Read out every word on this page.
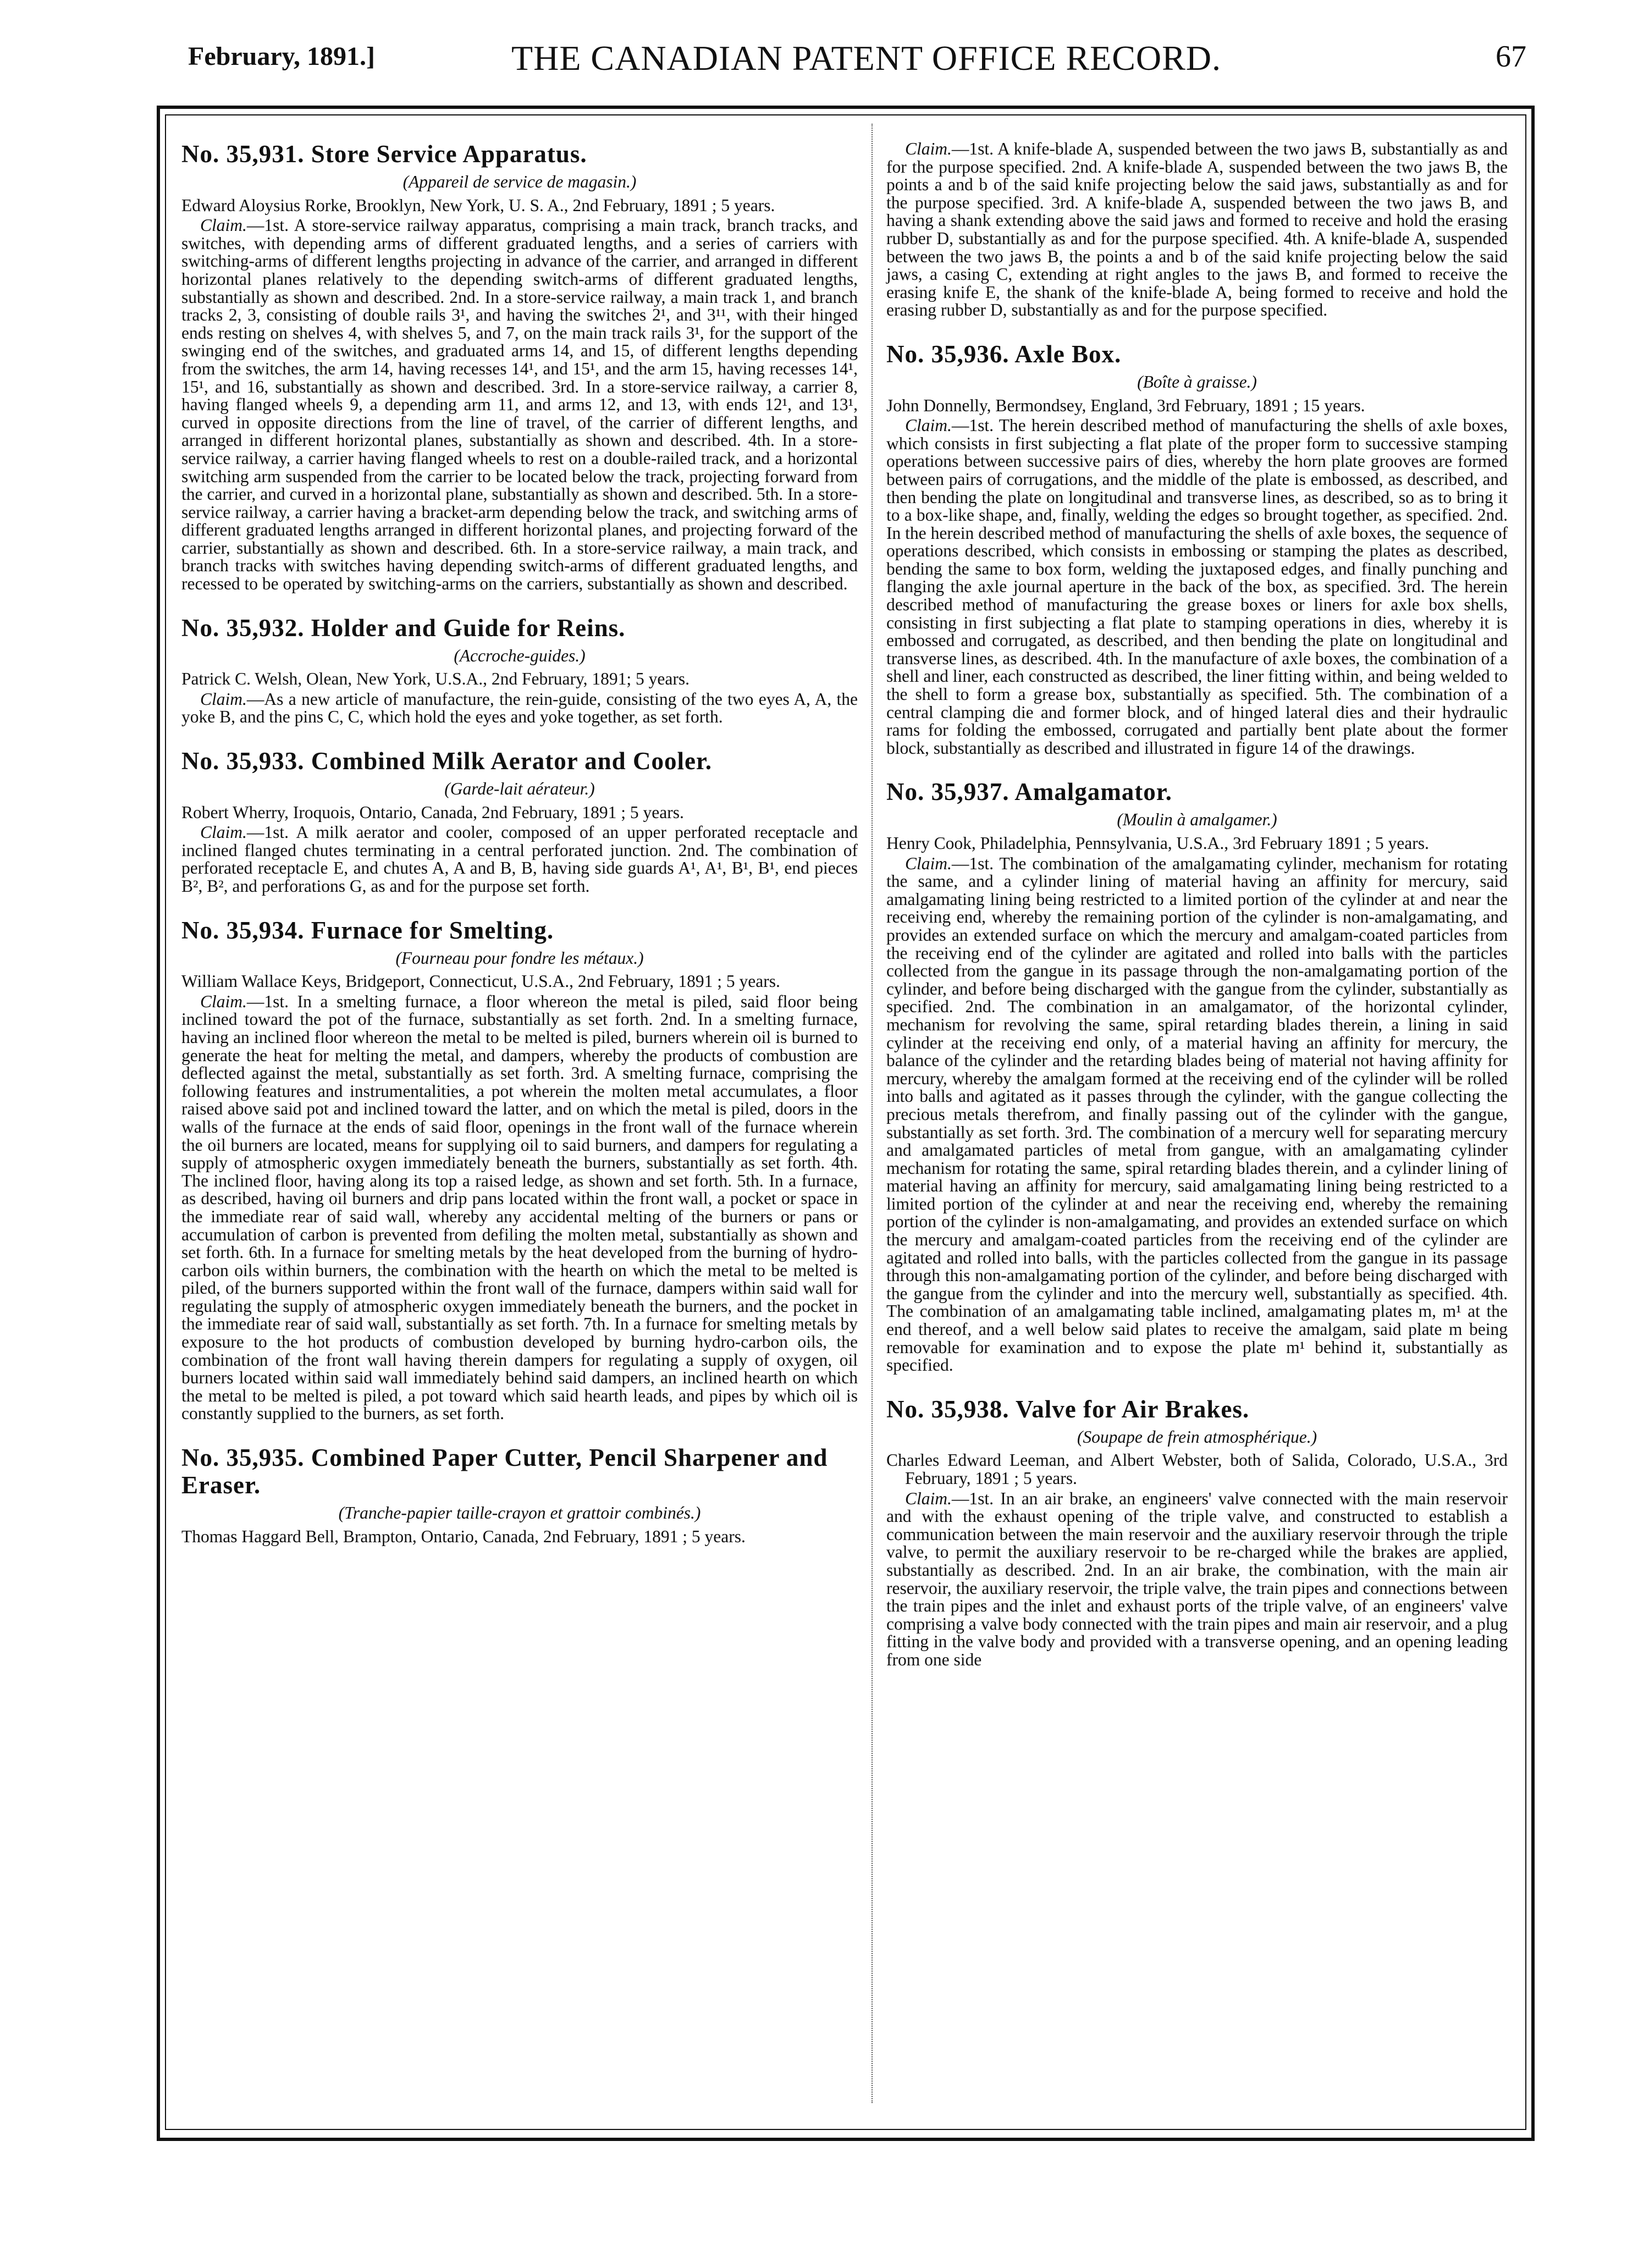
February, 1891.]	THE CANADIAN PATENT OFFICE RECORD.	67
No. 35,931. Store Service Apparatus.
(Appareil de service de magasin.)

Edward Aloysius Rorke, Brooklyn, New York, U. S. A., 2nd February, 1891 ; 5 years.

Claim.—1st. A store-service railway apparatus, comprising a main track, branch tracks, and switches, with depending arms of different graduated lengths, and a series of carriers with switching-arms of different lengths projecting in advance of the carrier, and arranged in different horizontal planes relatively to the depending switch-arms of different graduated lengths, substantially as shown and described. 2nd. In a store-service railway, a main track 1, and branch tracks 2, 3, consisting of double rails 3¹, and having the switches 2¹, and 3¹¹, with their hinged ends resting on shelves 4, with shelves 5, and 7, on the main track rails 3¹, for the support of the swinging end of the switches, and graduated arms 14, and 15, of different lengths depending from the switches, the arm 14, having recesses 14¹, and 15¹, and the arm 15, having recesses 14¹, 15¹, and 16, substantially as shown and described. 3rd. In a store-service railway, a carrier 8, having flanged wheels 9, a depending arm 11, and arms 12, and 13, with ends 12¹, and 13¹, curved in opposite directions from the line of travel, of the carrier of different lengths, and arranged in different horizontal planes, substantially as shown and described. 4th. In a store-service railway, a carrier having flanged wheels to rest on a double-railed track, and a horizontal switching arm suspended from the carrier to be located below the track, projecting forward from the carrier, and curved in a horizontal plane, substantially as shown and described. 5th. In a store-service railway, a carrier having a bracket-arm depending below the track, and switching arms of different graduated lengths arranged in different horizontal planes, and projecting forward of the carrier, substantially as shown and described. 6th. In a store-service railway, a main track, and branch tracks with switches having depending switch-arms of different graduated lengths, and recessed to be operated by switching-arms on the carriers, substantially as shown and described.

No. 35,932. Holder and Guide for Reins.
(Accroche-guides.)

Patrick C. Welsh, Olean, New York, U.S.A., 2nd February, 1891; 5 years.

Claim.—As a new article of manufacture, the rein-guide, consisting of the two eyes A, A, the yoke B, and the pins C, C, which hold the eyes and yoke together, as set forth.

No. 35,933. Combined Milk Aerator and Cooler.
(Garde-lait aérateur.)

Robert Wherry, Iroquois, Ontario, Canada, 2nd February, 1891 ; 5 years.

Claim.—1st. A milk aerator and cooler, composed of an upper perforated receptacle and inclined flanged chutes terminating in a central perforated junction. 2nd. The combination of perforated receptacle E, and chutes A, A and B, B, having side guards A¹, A¹, B¹, B¹, end pieces B², B², and perforations G, as and for the purpose set forth.

No. 35,934. Furnace for Smelting.
(Fourneau pour fondre les métaux.)

William Wallace Keys, Bridgeport, Connecticut, U.S.A., 2nd February, 1891 ; 5 years.

Claim.—1st. In a smelting furnace, a floor whereon the metal is piled, said floor being inclined toward the pot of the furnace, substantially as set forth. 2nd. In a smelting furnace, having an inclined floor whereon the metal to be melted is piled, burners wherein oil is burned to generate the heat for melting the metal, and dampers, whereby the products of combustion are deflected against the metal, substantially as set forth. 3rd. A smelting furnace, comprising the following features and instrumentalities, a pot wherein the molten metal accumulates, a floor raised above said pot and inclined toward the latter, and on which the metal is piled, doors in the walls of the furnace at the ends of said floor, openings in the front wall of the furnace wherein the oil burners are located, means for supplying oil to said burners, and dampers for regulating a supply of atmospheric oxygen immediately beneath the burners, substantially as set forth. 4th. The inclined floor, having along its top a raised ledge, as shown and set forth. 5th. In a furnace, as described, having oil burners and drip pans located within the front wall, a pocket or space in the immediate rear of said wall, whereby any accidental melting of the burners or pans or accumulation of carbon is prevented from defiling the molten metal, substantially as shown and set forth. 6th. In a furnace for smelting metals by the heat developed from the burning of hydro-carbon oils within burners, the combination with the hearth on which the metal to be melted is piled, of the burners supported within the front wall of the furnace, dampers within said wall for regulating the supply of atmospheric oxygen immediately beneath the burners, and the pocket in the immediate rear of said wall, substantially as set forth. 7th. In a furnace for smelting metals by exposure to the hot products of combustion developed by burning hydro-carbon oils, the combination of the front wall having therein dampers for regulating a supply of oxygen, oil burners located within said wall immediately behind said dampers, an inclined hearth on which the metal to be melted is piled, a pot toward which said hearth leads, and pipes by which oil is constantly supplied to the burners, as set forth.

No. 35,935. Combined Paper Cutter, Pencil Sharpener and Eraser.
(Tranche-papier taille-crayon et grattoir combinés.)

Thomas Haggard Bell, Brampton, Ontario, Canada, 2nd February, 1891 ; 5 years.

Claim.—1st. A knife-blade A, suspended between the two jaws B, substantially as and for the purpose specified. 2nd. A knife-blade A, suspended between the two jaws B, the points a and b of the said knife projecting below the said jaws, substantially as and for the purpose specified. 3rd. A knife-blade A, suspended between the two jaws B, and having a shank extending above the said jaws and formed to receive and hold the erasing rubber D, substantially as and for the purpose specified. 4th. A knife-blade A, suspended between the two jaws B, the points a and b of the said knife projecting below the said jaws, a casing C, extending at right angles to the jaws B, and formed to receive the erasing knife E, the shank of the knife-blade A, being formed to receive and hold the erasing rubber D, substantially as and for the purpose specified.

No. 35,936. Axle Box.
(Boîte à graisse.)

John Donnelly, Bermondsey, England, 3rd February, 1891 ; 15 years.

Claim.—1st. The herein described method of manufacturing the shells of axle boxes, which consists in first subjecting a flat plate of the proper form to successive stamping operations between successive pairs of dies, whereby the horn plate grooves are formed between pairs of corrugations, and the middle of the plate is embossed, as described, and then bending the plate on longitudinal and transverse lines, as described, so as to bring it to a box-like shape, and, finally, welding the edges so brought together, as specified. 2nd. In the herein described method of manufacturing the shells of axle boxes, the sequence of operations described, which consists in embossing or stamping the plates as described, bending the same to box form, welding the juxtaposed edges, and finally punching and flanging the axle journal aperture in the back of the box, as specified. 3rd. The herein described method of manufacturing the grease boxes or liners for axle box shells, consisting in first subjecting a flat plate to stamping operations in dies, whereby it is embossed and corrugated, as described, and then bending the plate on longitudinal and transverse lines, as described. 4th. In the manufacture of axle boxes, the combination of a shell and liner, each constructed as described, the liner fitting within, and being welded to the shell to form a grease box, substantially as specified. 5th. The combination of a central clamping die and former block, and of hinged lateral dies and their hydraulic rams for folding the embossed, corrugated and partially bent plate about the former block, substantially as described and illustrated in figure 14 of the drawings.

No. 35,937. Amalgamator.
(Moulin à amalgamer.)

Henry Cook, Philadelphia, Pennsylvania, U.S.A., 3rd February 1891 ; 5 years.

Claim.—1st. The combination of the amalgamating cylinder, mechanism for rotating the same, and a cylinder lining of material having an affinity for mercury, said amalgamating lining being restricted to a limited portion of the cylinder at and near the receiving end, whereby the remaining portion of the cylinder is non-amalgamating, and provides an extended surface on which the mercury and amalgam-coated particles from the receiving end of the cylinder are agitated and rolled into balls with the particles collected from the gangue in its passage through the non-amalgamating portion of the cylinder, and before being discharged with the gangue from the cylinder, substantially as specified. 2nd. The combination in an amalgamator, of the horizontal cylinder, mechanism for revolving the same, spiral retarding blades therein, a lining in said cylinder at the receiving end only, of a material having an affinity for mercury, the balance of the cylinder and the retarding blades being of material not having affinity for mercury, whereby the amalgam formed at the receiving end of the cylinder will be rolled into balls and agitated as it passes through the cylinder, with the gangue collecting the precious metals therefrom, and finally passing out of the cylinder with the gangue, substantially as set forth. 3rd. The combination of a mercury well for separating mercury and amalgamated particles of metal from gangue, with an amalgamating cylinder mechanism for rotating the same, spiral retarding blades therein, and a cylinder lining of material having an affinity for mercury, said amalgamating lining being restricted to a limited portion of the cylinder at and near the receiving end, whereby the remaining portion of the cylinder is non-amalgamating, and provides an extended surface on which the mercury and amalgam-coated particles from the receiving end of the cylinder are agitated and rolled into balls, with the particles collected from the gangue in its passage through this non-amalgamating portion of the cylinder, and before being discharged with the gangue from the cylinder and into the mercury well, substantially as specified. 4th. The combination of an amalgamating table inclined, amalgamating plates m, m¹ at the end thereof, and a well below said plates to receive the amalgam, said plate m being removable for examination and to expose the plate m¹ behind it, substantially as specified.

No. 35,938. Valve for Air Brakes.
(Soupape de frein atmosphérique.)

Charles Edward Leeman, and Albert Webster, both of Salida, Colorado, U.S.A., 3rd February, 1891 ; 5 years.

Claim.—1st. In an air brake, an engineers' valve connected with the main reservoir and with the exhaust opening of the triple valve, and constructed to establish a communication between the main reservoir and the auxiliary reservoir through the triple valve, to permit the auxiliary reservoir to be re-charged while the brakes are applied, substantially as described. 2nd. In an air brake, the combination, with the main air reservoir, the auxiliary reservoir, the triple valve, the train pipes and connections between the train pipes and the inlet and exhaust ports of the triple valve, of an engineers' valve comprising a valve body connected with the train pipes and main air reservoir, and a plug fitting in the valve body and provided with a transverse opening, and an opening leading from one side
